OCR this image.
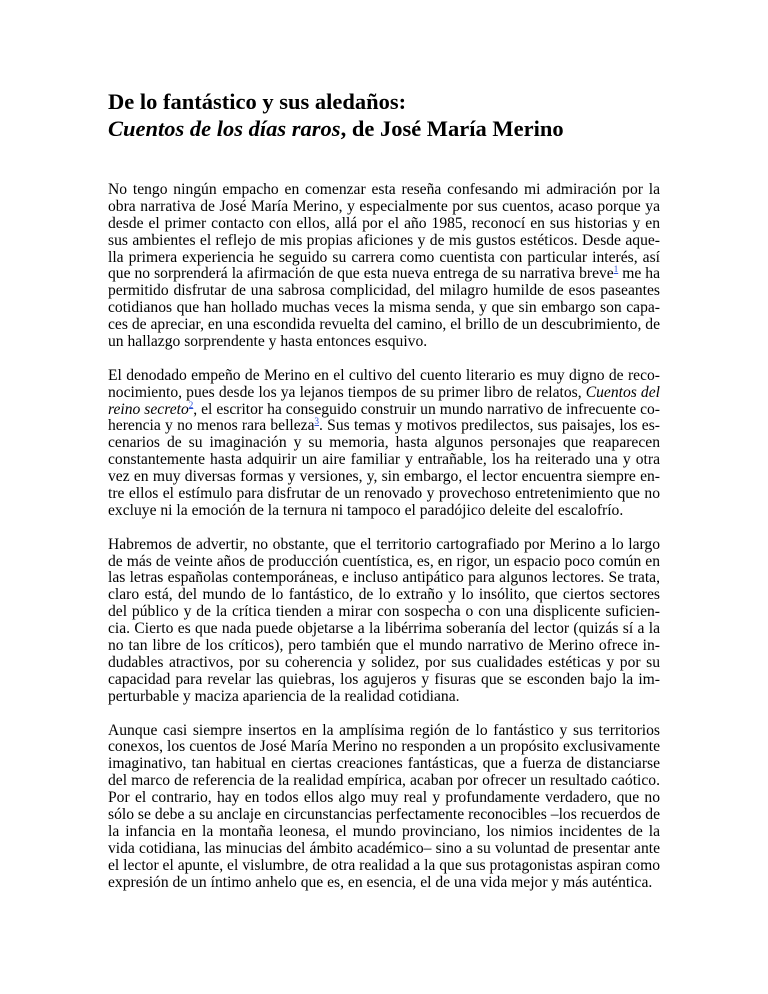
De lo fantástico y sus aledaños:
Cuentos de los días raros, de José María Merino

No tengo ningún empacho en comenzar esta reseña confesando mi admiración por la
obra narrativa de José María Merino, y especialmente por sus cuentos, acaso porque ya
desde el primer contacto con ellos, allá por el año 1985, reconocí en sus historias y en
sus ambientes el reflejo de mis propias aficiones y de mis gustos estéticos. Desde aque-
lla primera experiencia he seguido su carrera como cuentista con particular interés, así
que no sorprenderá la afirmación de que esta nueva entrega de su narrativa breve$^1$ me ha
permitido disfrutar de una sabrosa complicidad, del milagro humilde de esos paseantes
cotidianos que han hollado muchas veces la misma senda, y que sin embargo son capa-
ces de apreciar, en una escondida revuelta del camino, el brillo de un descubrimiento, de
un hallazgo sorprendente y hasta entonces esquivo.

El denodado empeño de Merino en el cultivo del cuento literario es muy digno de reco-
nocimiento, pues desde los ya lejanos tiempos de su primer libro de relatos, Cuentos del
reino secreto$^2$, el escritor ha conseguido construir un mundo narrativo de infrecuente co-
herencia y no menos rara belleza$^3$. Sus temas y motivos predilectos, sus paisajes, los es-
cenarios de su imaginación y su memoria, hasta algunos personajes que reaparecen
constantemente hasta adquirir un aire familiar y entrañable, los ha reiterado una y otra
vez en muy diversas formas y versiones, y, sin embargo, el lector encuentra siempre en-
tre ellos el estímulo para disfrutar de un renovado y provechoso entretenimiento que no
excluye ni la emoción de la ternura ni tampoco el paradójico deleite del escalofrío.

Habremos de advertir, no obstante, que el territorio cartografiado por Merino a lo largo
de más de veinte años de producción cuentística, es, en rigor, un espacio poco común en
las letras españolas contemporáneas, e incluso antipático para algunos lectores. Se trata,
claro está, del mundo de lo fantástico, de lo extraño y lo insólito, que ciertos sectores
del público y de la crítica tienden a mirar con sospecha o con una displicente suficien-
cia. Cierto es que nada puede objetarse a la libérrima soberanía del lector (quizás sí a la
no tan libre de los críticos), pero también que el mundo narrativo de Merino ofrece in-
dudables atractivos, por su coherencia y solidez, por sus cualidades estéticas y por su
capacidad para revelar las quiebras, los agujeros y fisuras que se esconden bajo la im-
perturbable y maciza apariencia de la realidad cotidiana.

Aunque casi siempre insertos en la amplísima región de lo fantástico y sus territorios
conexos, los cuentos de José María Merino no responden a un propósito exclusivamente
imaginativo, tan habitual en ciertas creaciones fantásticas, que a fuerza de distanciarse
del marco de referencia de la realidad empírica, acaban por ofrecer un resultado caótico.
Por el contrario, hay en todos ellos algo muy real y profundamente verdadero, que no
sólo se debe a su anclaje en circunstancias perfectamente reconocibles –los recuerdos de
la infancia en la montaña leonesa, el mundo provinciano, los nimios incidentes de la
vida cotidiana, las minucias del ámbito académico– sino a su voluntad de presentar ante
el lector el apunte, el vislumbre, de otra realidad a la que sus protagonistas aspiran como
expresión de un íntimo anhelo que es, en esencia, el de una vida mejor y más auténtica.
